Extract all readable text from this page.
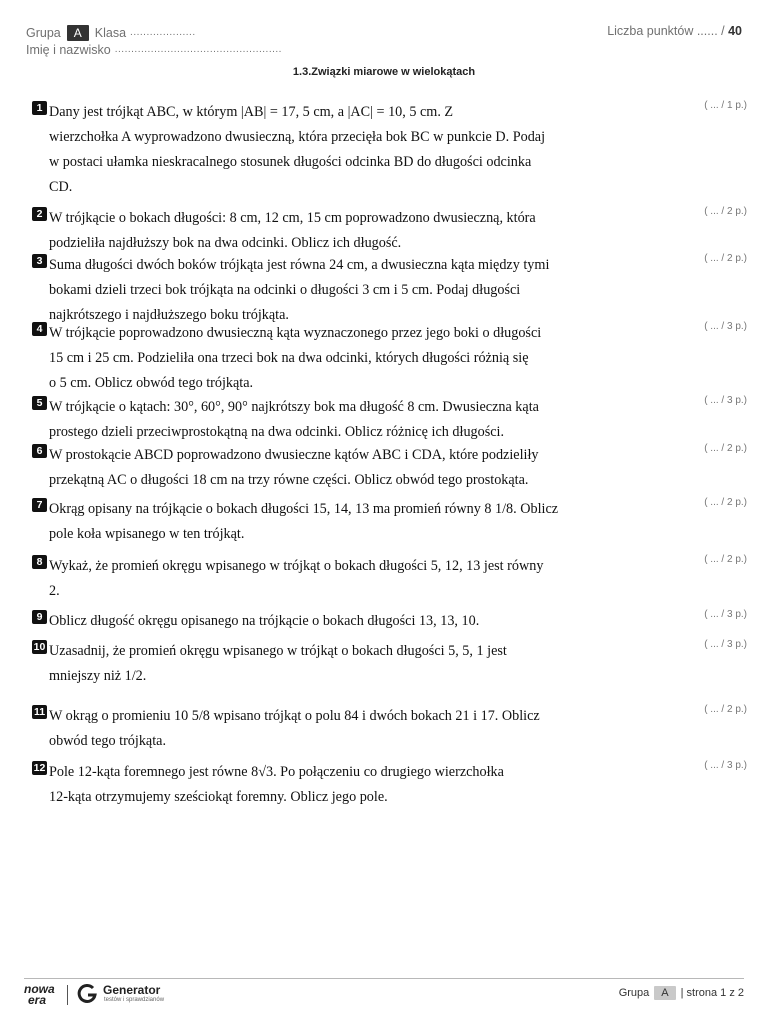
Grupa	A	Klasa ....................
Imię i nazwisko ...................................................
Liczba punktów ...... / 40
1.3.Związki miarowe w wielokątach
1 Dany jest trójkąt ABC, w którym |AB| = 17, 5 cm, a |AC| = 10, 5 cm. Z
wierzchołka A wyprowadzono dwusieczną, która przecięła bok BC w punkcie D. Podaj
w postaci ułamka nieskracalnego stosunek długości odcinka BD do długości odcinka
CD.
( ... / 1 p.)
2 W trójkącie o bokach długości: 8 cm, 12 cm, 15 cm poprowadzono dwusieczną, która
podzieliła najdłuższy bok na dwa odcinki. Oblicz ich długość.
( ... / 2 p.)
3 Suma długości dwóch boków trójkąta jest równa 24 cm, a dwusieczna kąta między tymi
bokami dzieli trzeci bok trójkąta na odcinki o długości 3 cm i 5 cm. Podaj długości
najkrótszego i najdłuższego boku trójkąta.
( ... / 2 p.)
4 W trójkącie poprowadzono dwusieczną kąta wyznaczonego przez jego boki o długości
15 cm i 25 cm. Podzieliła ona trzeci bok na dwa odcinki, których długości różnią się
o 5 cm. Oblicz obwód tego trójkąta.
( ... / 3 p.)
5 W trójkącie o kątach: 30°, 60°, 90° najkrótszy bok ma długość 8 cm. Dwusieczna kąta
prostego dzieli przeciwprostokątną na dwa odcinki. Oblicz różnicę ich długości.
( ... / 3 p.)
6 W prostokącie ABCD poprowadzono dwusieczne kątów ABC i CDA, które podzieliły
przekątną AC o długości 18 cm na trzy równe części. Oblicz obwód tego prostokąta.
( ... / 2 p.)
7 Okrąg opisany na trójkącie o bokach długości 15, 14, 13 ma promień równy 8 1/8. Oblicz
pole koła wpisanego w ten trójkąt.
( ... / 2 p.)
8 Wykaż, że promień okręgu wpisanego w trójkąt o bokach długości 5, 12, 13 jest równy
2.
( ... / 2 p.)
9 Oblicz długość okręgu opisanego na trójkącie o bokach długości 13, 13, 10.	( ... / 3 p.)
10 Uzasadnij, że promień okręgu wpisanego w trójkąt o bokach długości 5, 5, 1 jest
mniejszy niż 1/2.
( ... / 3 p.)
11 W okrąg o promieniu 10 5/8 wpisano trójkąt o polu 84 i dwóch bokach 21 i 17. Oblicz
obwód tego trójkąta.
( ... / 2 p.)
12 Pole 12-kąta foremnego jest równe 8√3. Po połączeniu co drugiego wierzchołka
12-kąta otrzymujemy sześciokąt foremny. Oblicz jego pole.
( ... / 3 p.)
nowa
era
Generator
testów i sprawdzianów
Grupa	A	| strona 1 z 2
